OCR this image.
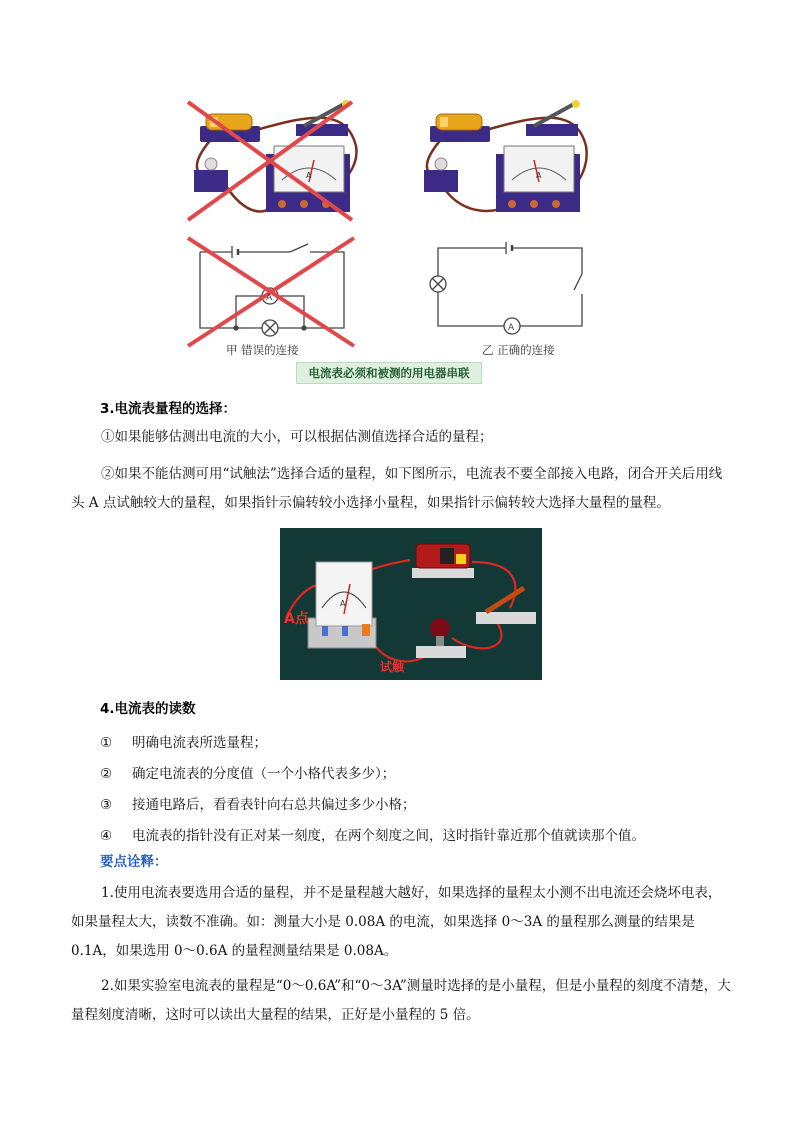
A	A
A
A
甲 错误的连接	乙 正确的连接
电流表必须和被测的用电器串联
3.电流表量程的选择：
①如果能够估测出电流的大小，可以根据估测值选择合适的量程；
②如果不能估测可用“试触法”选择合适的量程，如下图所示，电流表不要全部接入电路，闭合开关后用线头 A 点试触较大的量程，如果指针示偏转较小选择小量程，如果指针示偏转较大选择大量程的量程。
A
A点
试触
4.电流表的读数
① 明确电流表所选量程；
② 确定电流表的分度值（一个小格代表多少）；
③ 接通电路后，看看表针向右总共偏过多少小格；
④ 电流表的指针没有正对某一刻度，在两个刻度之间，这时指针靠近那个值就读那个值。
要点诠释：
1.使用电流表要选用合适的量程，并不是量程越大越好，如果选择的量程太小测不出电流还会烧坏电表，如果量程太大，读数不准确。如：测量大小是 0.08A 的电流，如果选择 0～3A 的量程那么测量的结果是 0.1A，如果选用 0～0.6A 的量程测量结果是 0.08A。
2.如果实验室电流表的量程是“0～0.6A”和“0～3A”测量时选择的是小量程，但是小量程的刻度不清楚，大量程刻度清晰，这时可以读出大量程的结果，正好是小量程的 5 倍。
